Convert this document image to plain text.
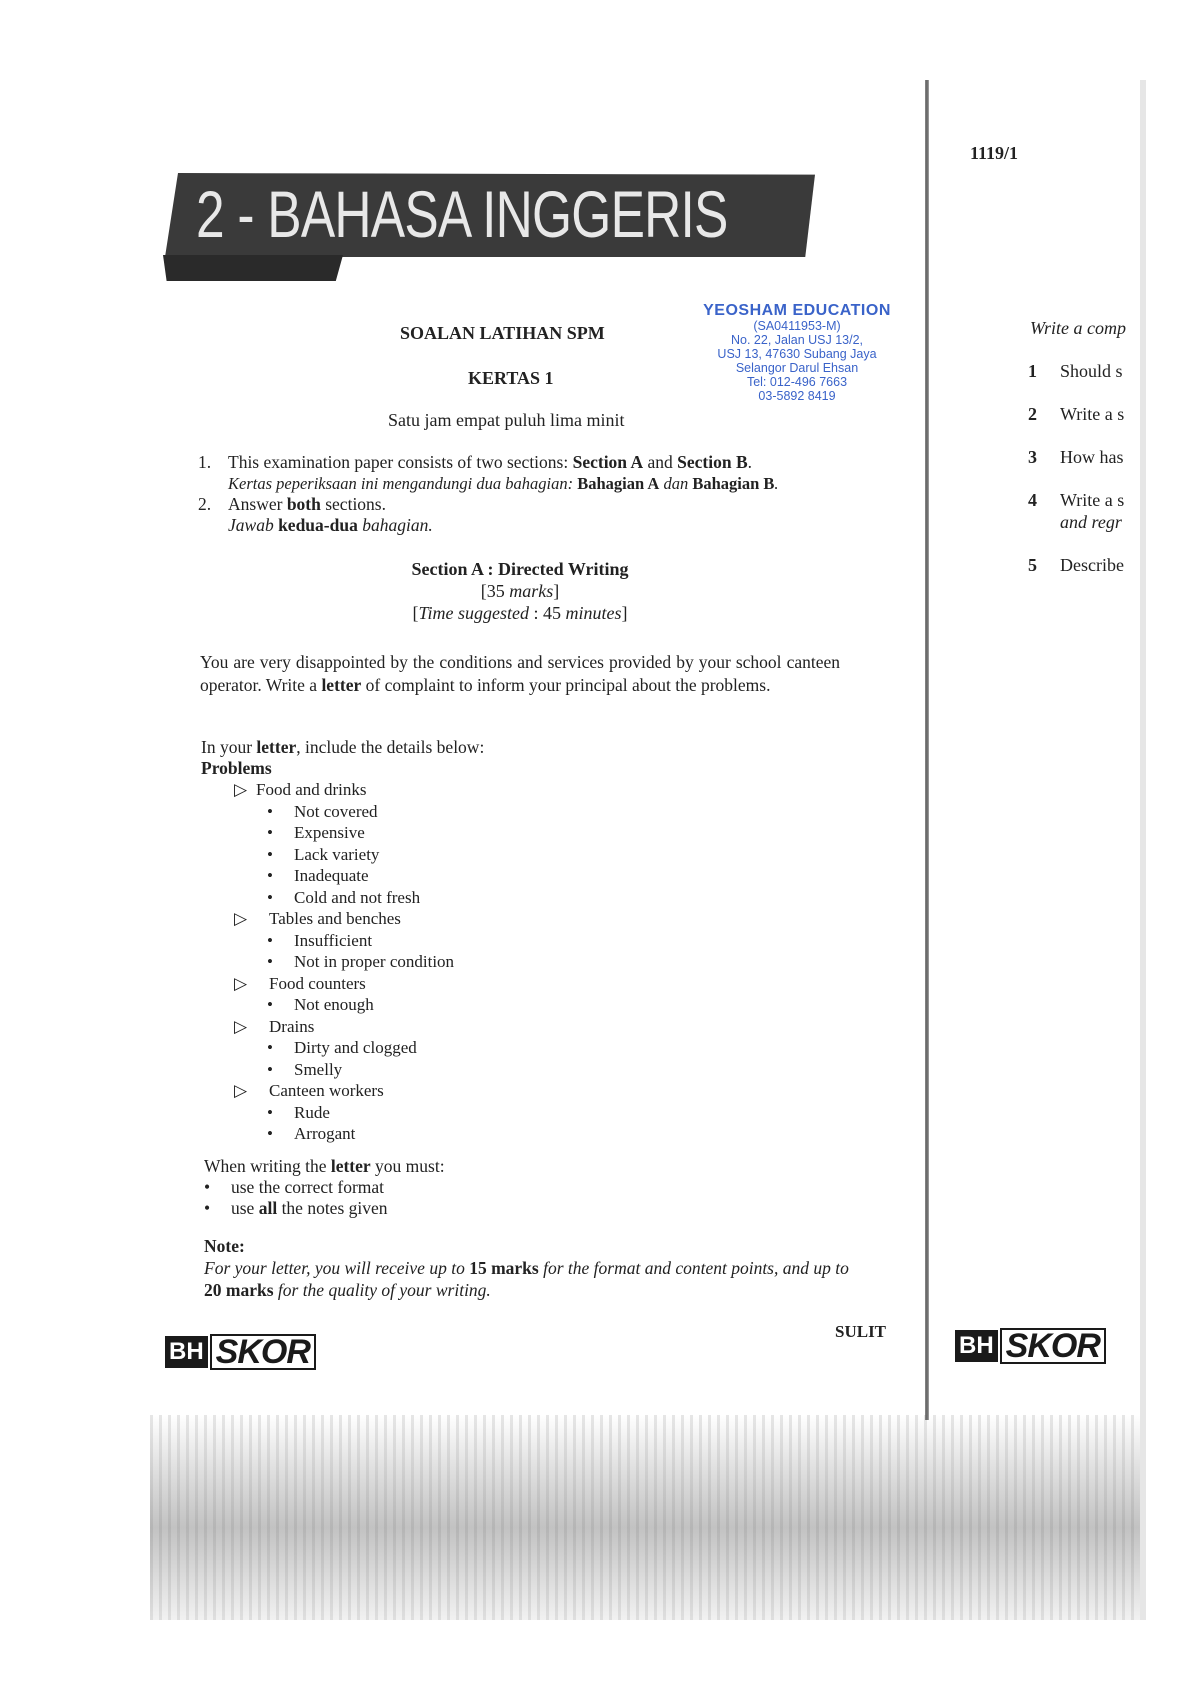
2 - BAHASA INGGERIS
1119/1
YEOSHAM EDUCATION
(SA0411953-M)
No. 22, Jalan USJ 13/2,
USJ 13, 47630 Subang Jaya
Selangor Darul Ehsan
Tel: 012-496 7663
03-5892 8419
SOALAN LATIHAN SPM
KERTAS 1
Satu jam empat puluh lima minit
1. This examination paper consists of two sections: Section A and Section B.
Kertas peperiksaan ini mengandungi dua bahagian: Bahagian A dan Bahagian B.
2. Answer both sections.
Jawab kedua-dua bahagian.
Section A : Directed Writing
[35 marks]
[Time suggested : 45 minutes]
You are very disappointed by the conditions and services provided by your school canteen operator. Write a letter of complaint to inform your principal about the problems.
In your letter, include the details below:
Problems
▷ Food and drinks
• Not covered
• Expensive
• Lack variety
• Inadequate
• Cold and not fresh
▷ Tables and benches
• Insufficient
• Not in proper condition
▷ Food counters
• Not enough
▷ Drains
• Dirty and clogged
• Smelly
▷ Canteen workers
• Rude
• Arrogant
When writing the letter you must:
• use the correct format
• use all the notes given
Note:
For your letter, you will receive up to 15 marks for the format and content points, and up to 20 marks for the quality of your writing.
SULIT
BH SKOR	BH SKOR
Write a comp
1 Should s
2 Write a s
3 How has
4 Write a s
and regr
5 Describe
